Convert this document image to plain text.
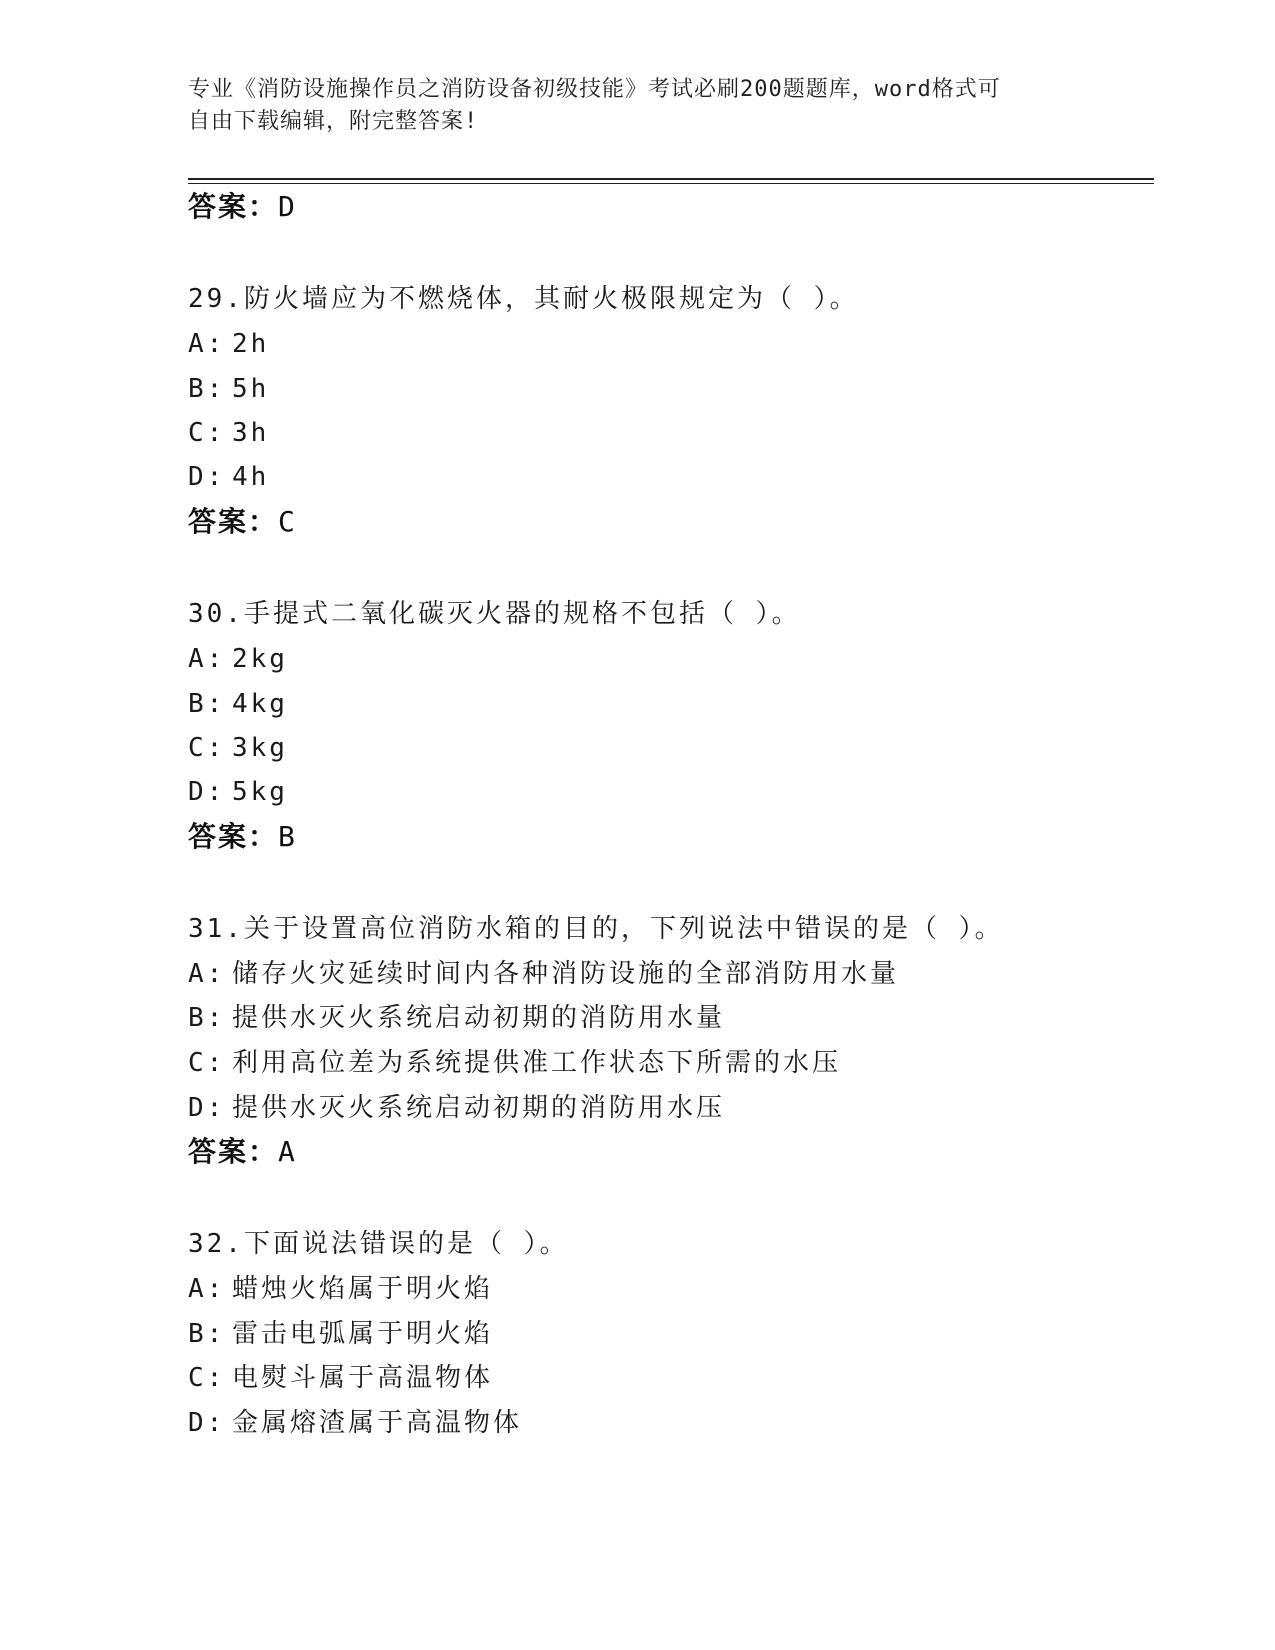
专业《消防设施操作员之消防设备初级技能》考试必刷200题题库，word格式可
自由下载编辑，附完整答案!
答案：D
29.防火墙应为不燃烧体，其耐火极限规定为（ ）。
A: 2h
B: 5h
C: 3h
D: 4h
答案：C
30.手提式二氧化碳灭火器的规格不包括（ ）。
A: 2kg
B: 4kg
C: 3kg
D: 5kg
答案：B
31.关于设置高位消防水箱的目的，下列说法中错误的是（ ）。
A: 储存火灾延续时间内各种消防设施的全部消防用水量
B: 提供水灭火系统启动初期的消防用水量
C: 利用高位差为系统提供准工作状态下所需的水压
D: 提供水灭火系统启动初期的消防用水压
答案：A
32.下面说法错误的是（ ）。
A: 蜡烛火焰属于明火焰
B: 雷击电弧属于明火焰
C: 电熨斗属于高温物体
D: 金属熔渣属于高温物体
